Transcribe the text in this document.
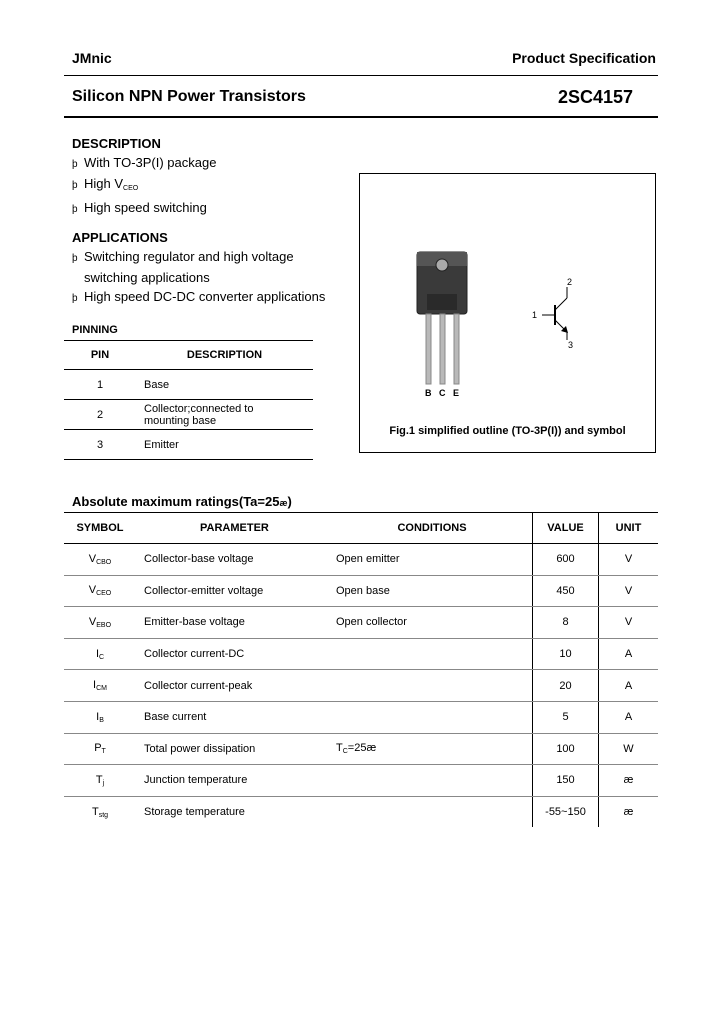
JMnic	Product Specification
Silicon NPN Power Transistors	2SC4157
DESCRIPTION
þ With TO-3P(I) package
þ High $V_{CEO}$
þ High speed switching
APPLICATIONS
þ Switching regulator and high voltage
switching applications
þ High speed DC-DC converter applications
PINNING
PIN	DESCRIPTION
1	Base
2	Collector;connected to mounting base
3	Emitter
B C E
1
2
3
Fig.1 simplified outline (TO-3P(I)) and symbol
Absolute maximum ratings(Ta=25æ)
SYMBOL	PARAMETER	CONDITIONS	VALUE	UNIT
$V_{CBO}$	Collector-base voltage	Open emitter	600	V
$V_{CEO}$	Collector-emitter voltage	Open base	450	V
$V_{EBO}$	Emitter-base voltage	Open collector	8	V
$I_C$	Collector current-DC		10	A
$I_{CM}$	Collector current-peak		20	A
$I_B$	Base current		5	A
$P_T$	Total power dissipation	$T_C=25æ$	100	W
$T_j$	Junction temperature		150	æ
$T_{stg}$	Storage temperature		-55~150	æ
